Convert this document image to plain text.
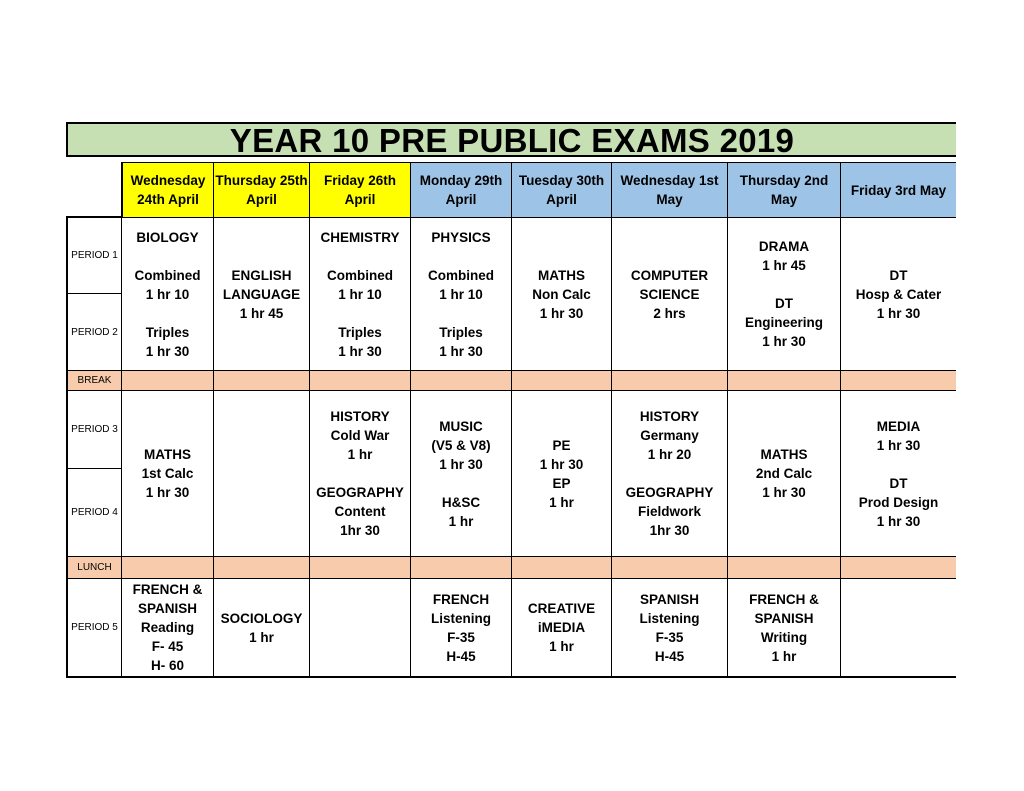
YEAR 10 PRE PUBLIC EXAMS 2019
Wednesday
24th April
Thursday 25th
April
Friday 26th
April
Monday 29th
April
Tuesday 30th
April
Wednesday 1st
May
Thursday 2nd
May
Friday 3rd May
PERIOD 1
PERIOD 2
BREAK
PERIOD 3
PERIOD 4
LUNCH
PERIOD 5
BIOLOGY

Combined
1 hr 10

Triples
1 hr 30
ENGLISH
LANGUAGE
1 hr 45
CHEMISTRY

Combined
1 hr 10

Triples
1 hr 30
PHYSICS

Combined
1 hr 10

Triples
1 hr 30
MATHS
Non Calc
1 hr 30
COMPUTER
SCIENCE
2 hrs
DRAMA
1 hr 45

DT
Engineering
1 hr 30
DT
Hosp & Cater
1 hr 30
MATHS
1st Calc
1 hr 30
HISTORY
Cold War
1 hr

GEOGRAPHY
Content
1hr 30
MUSIC
(V5 & V8)
1 hr 30

H&SC
1 hr
PE
1 hr 30
EP
1 hr
HISTORY
Germany
1 hr 20

GEOGRAPHY
Fieldwork
1hr 30
MATHS
2nd Calc
1 hr 30
MEDIA
1 hr 30

DT
Prod Design
1 hr 30
FRENCH &
SPANISH
Reading
F- 45
H- 60
SOCIOLOGY
1 hr
FRENCH
Listening
F-35
H-45
CREATIVE
iMEDIA
1 hr
SPANISH
Listening
F-35
H-45
FRENCH &
SPANISH
Writing
1 hr
